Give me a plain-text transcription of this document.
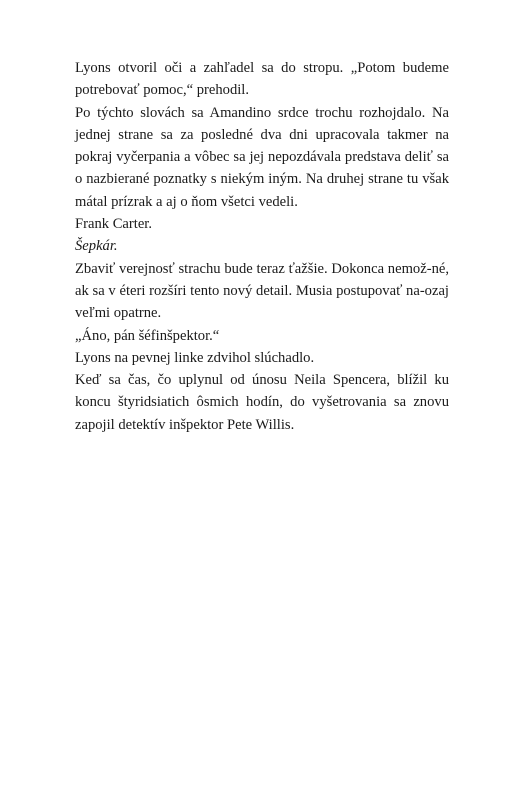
Lyons otvoril oči a zahľadel sa do stropu. „Potom budeme potrebovať pomoc,“ prehodil.

Po týchto slovách sa Amandino srdce trochu rozhojdalo. Na jednej strane sa za posledné dva dni upracovala takmer na pokraj vyčerpania a vôbec sa jej nepozdávala predstava deliť sa o nazbierané poznatky s niekým iným. Na druhej strane tu však mátal prízrak a aj o ňom všetci vedeli.

Frank Carter.

Šepkár.

Zbaviť verejnosť strachu bude teraz ťažšie. Dokonca nemož-né, ak sa v éteri rozšíri tento nový detail. Musia postupovať na-ozaj veľmi opatrne.

„Áno, pán šéfinšpektor.“

Lyons na pevnej linke zdvihol slúchadlo.

Keď sa čas, čo uplynul od únosu Neila Spencera, blížil ku koncu štyridsiatich ôsmich hodín, do vyšetrovania sa znovu zapojil detektív inšpektor Pete Willis.
